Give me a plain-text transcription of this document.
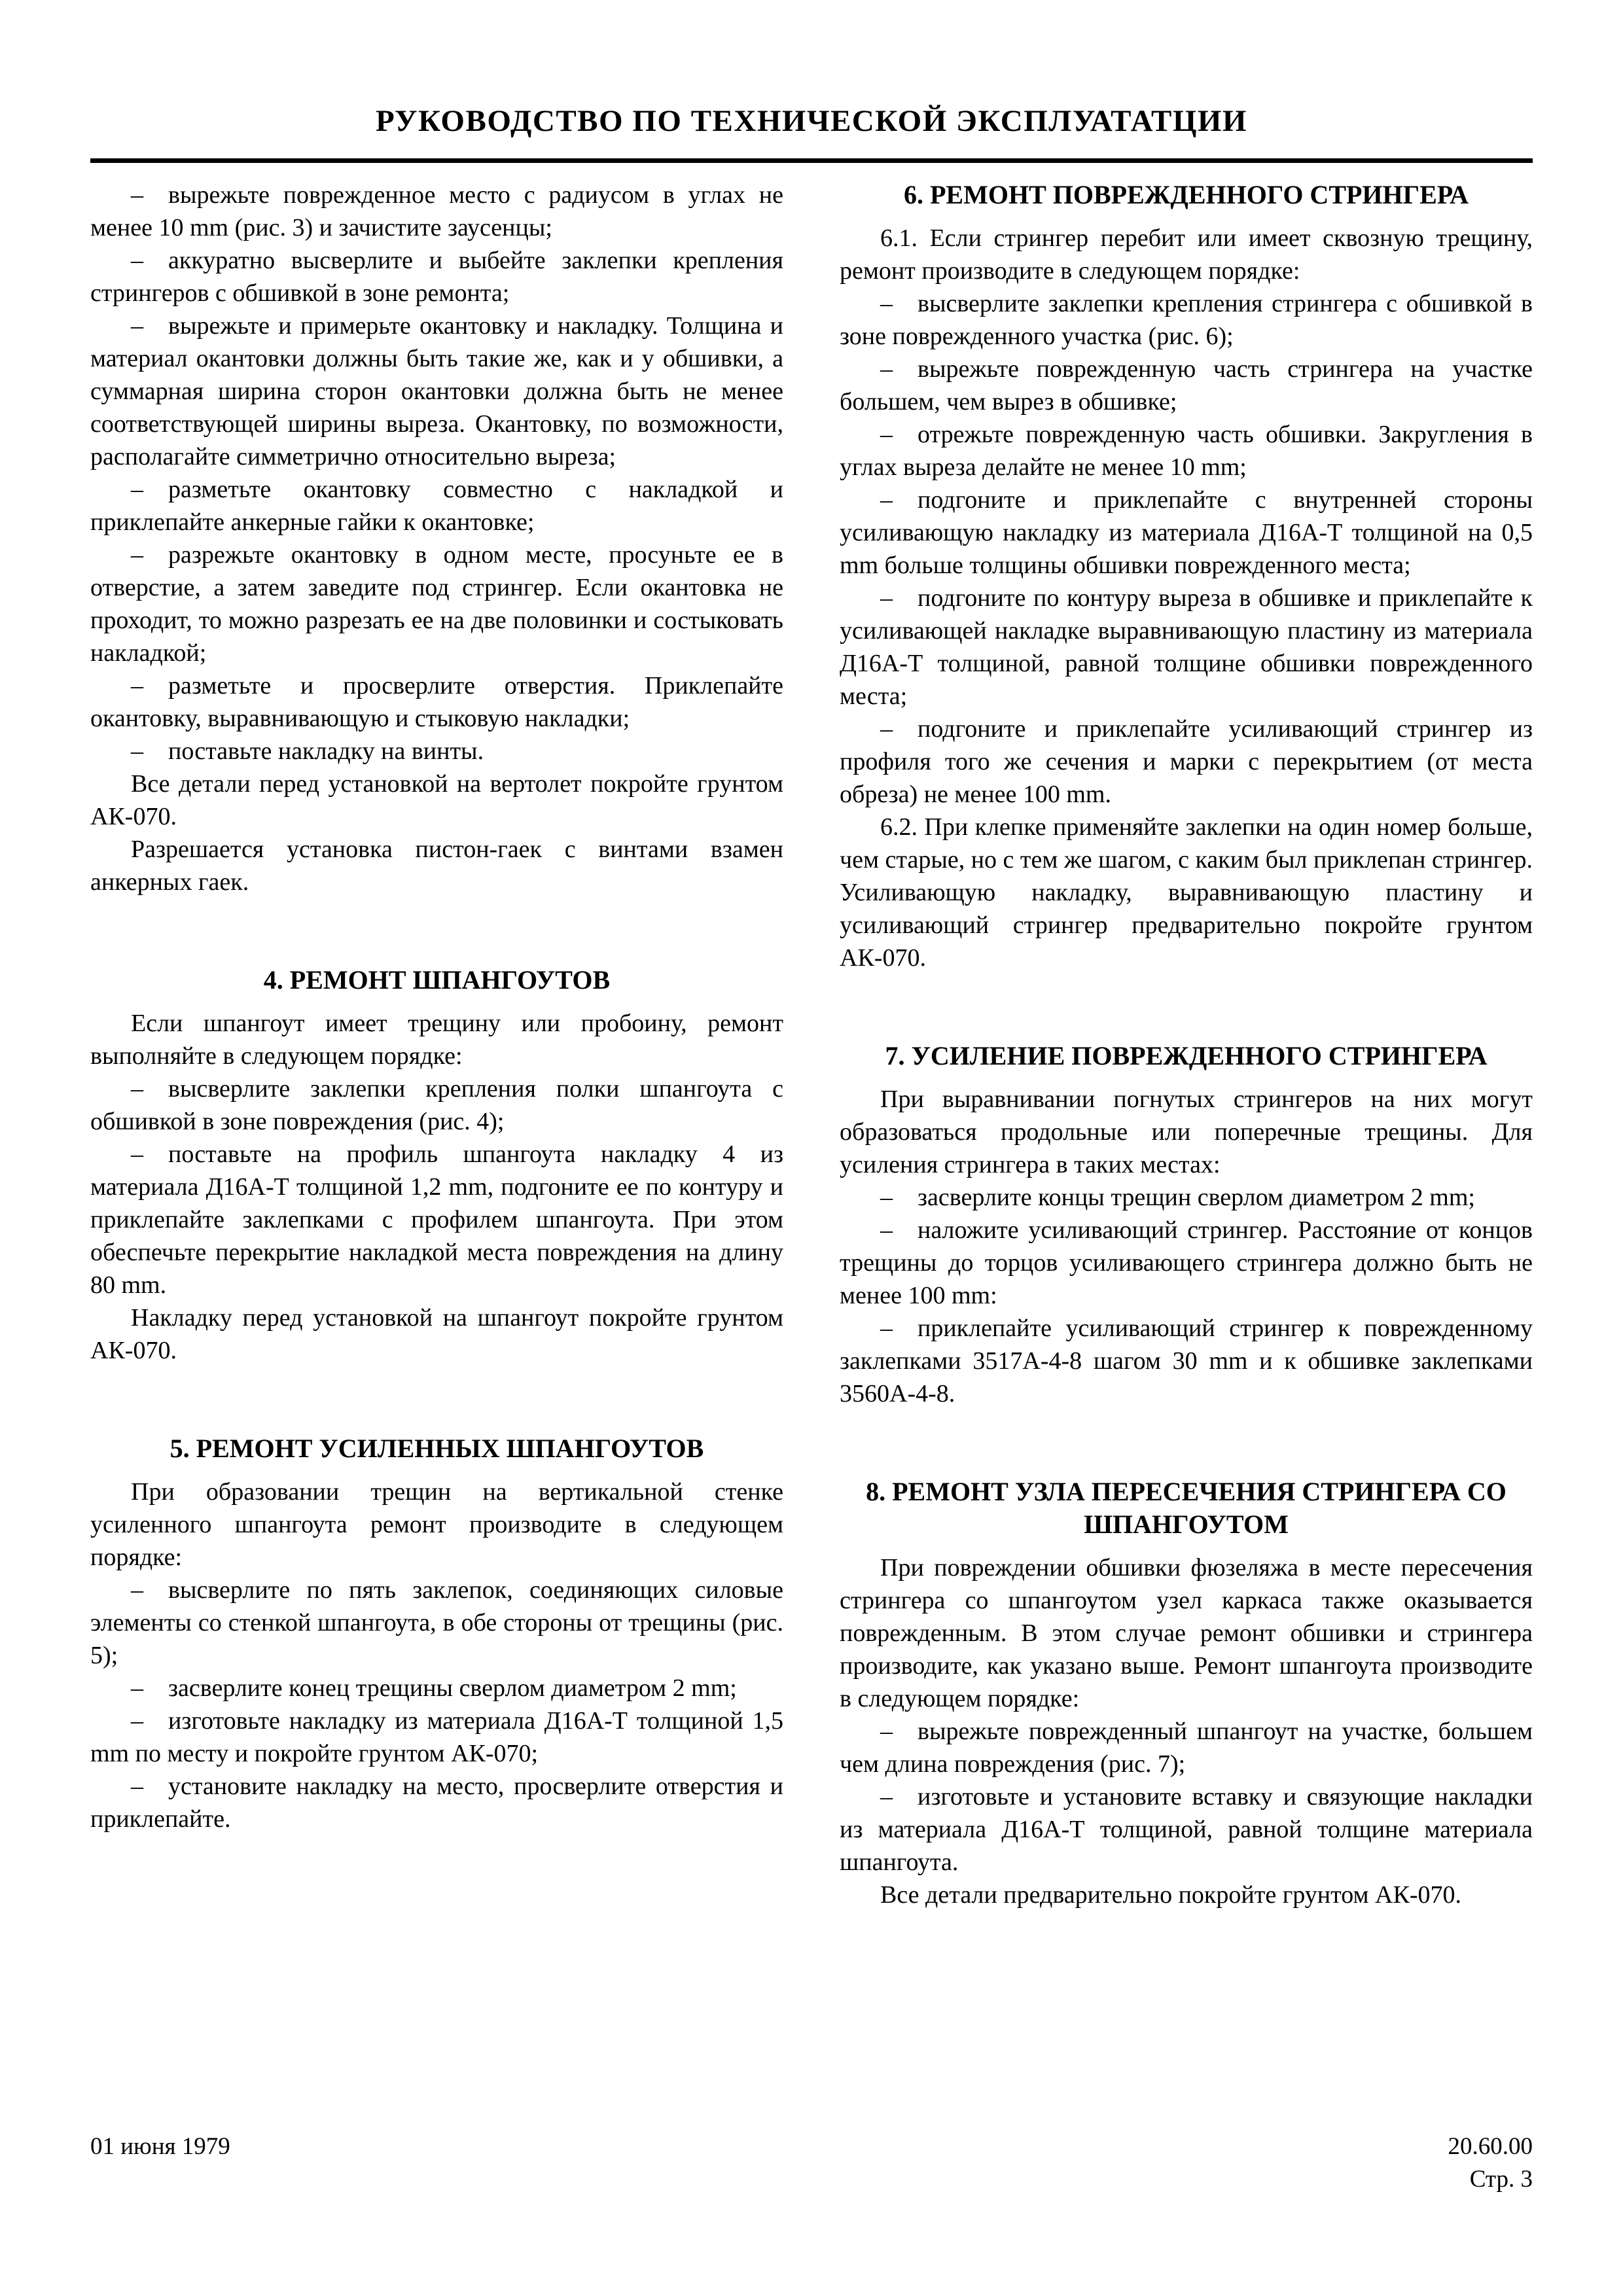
РУКОВОДСТВО ПО ТЕХНИЧЕСКОЙ ЭКСПЛУАТАТЦИИ

– вырежьте поврежденное место с радиусом в углах не менее 10 mm (рис. 3) и зачистите заусенцы;

– аккуратно высверлите и выбейте заклепки крепления стрингеров с обшивкой в зоне ремонта;

– вырежьте и примерьте окантовку и накладку. Толщина и материал окантовки должны быть такие же, как и у обшивки, а суммарная ширина сторон окантовки должна быть не менее соответствующей ширины выреза. Окантовку, по возможности, располагайте симметрично относительно выреза;

– разметьте окантовку совместно с накладкой и приклепайте анкерные гайки к окантовке;

– разрежьте окантовку в одном месте, просуньте ее в отверстие, а затем заведите под стрингер. Если окантовка не проходит, то можно разрезать ее на две половинки и состыковать накладкой;

– разметьте и просверлите отверстия. Приклепайте окантовку, выравнивающую и стыковую накладки;

– поставьте накладку на винты.

Все детали перед установкой на вертолет покройте грунтом АК-070.

Разрешается установка пистон-гаек с винтами взамен анкерных гаек.

4. РЕМОНТ ШПАНГОУТОВ

Если шпангоут имеет трещину или пробоину, ремонт выполняйте в следующем порядке:

– высверлите заклепки крепления полки шпангоута с обшивкой в зоне повреждения (рис. 4);

– поставьте на профиль шпангоута накладку 4 из материала Д16А-Т толщиной 1,2 mm, подгоните ее по контуру и приклепайте заклепками с профилем шпангоута. При этом обеспечьте перекрытие накладкой места повреждения на длину 80 mm.

Накладку перед установкой на шпангоут покройте грунтом АК-070.

5. РЕМОНТ УСИЛЕННЫХ ШПАНГОУТОВ

При образовании трещин на вертикальной стенке усиленного шпангоута ремонт производите в следующем порядке:

– высверлите по пять заклепок, соединяющих силовые элементы со стенкой шпангоута, в обе стороны от трещины (рис. 5);

– засверлите конец трещины сверлом диаметром 2 mm;

– изготовьте накладку из материала Д16А-Т толщиной 1,5 mm по месту и покройте грунтом АК-070;

– установите накладку на место, просверлите отверстия и приклепайте.

6. РЕМОНТ ПОВРЕЖДЕННОГО СТРИНГЕРА

6.1. Если стрингер перебит или имеет сквозную трещину, ремонт производите в следующем порядке:

– высверлите заклепки крепления стрингера с обшивкой в зоне поврежденного участка (рис. 6);

– вырежьте поврежденную часть стрингера на участке большем, чем вырез в обшивке;

– отрежьте поврежденную часть обшивки. Закругления в углах выреза делайте не менее 10 mm;

– подгоните и приклепайте с внутренней стороны усиливающую накладку из материала Д16А-Т толщиной на 0,5 mm больше толщины обшивки поврежденного места;

– подгоните по контуру выреза в обшивке и приклепайте к усиливающей накладке выравнивающую пластину из материала Д16А-Т толщиной, равной толщине обшивки поврежденного места;

– подгоните и приклепайте усиливающий стрингер из профиля того же сечения и марки с перекрытием (от места обреза) не менее 100 mm.

6.2. При клепке применяйте заклепки на один номер больше, чем старые, но с тем же шагом, с каким был приклепан стрингер. Усиливающую накладку, выравнивающую пластину и усиливающий стрингер предварительно покройте грунтом АК-070.

7. УСИЛЕНИЕ ПОВРЕЖДЕННОГО СТРИНГЕРА

При выравнивании погнутых стрингеров на них могут образоваться продольные или поперечные трещины. Для усиления стрингера в таких местах:

– засверлите концы трещин сверлом диаметром 2 mm;

– наложите усиливающий стрингер. Расстояние от концов трещины до торцов усиливающего стрингера должно быть не менее 100 mm:

– приклепайте усиливающий стрингер к поврежденному заклепками 3517А-4-8 шагом 30 mm и к обшивке заклепками 3560А-4-8.

8. РЕМОНТ УЗЛА ПЕРЕСЕЧЕНИЯ СТРИНГЕРА СО ШПАНГОУТОМ

При повреждении обшивки фюзеляжа в месте пересечения стрингера со шпангоутом узел каркаса также оказывается поврежденным. В этом случае ремонт обшивки и стрингера производите, как указано выше. Ремонт шпангоута производите в следующем порядке:

– вырежьте поврежденный шпангоут на участке, большем чем длина повреждения (рис. 7);

– изготовьте и установите вставку и связующие накладки из материала Д16А-Т толщиной, равной толщине материала шпангоута.

Все детали предварительно покройте грунтом АК-070.

01 июня 1979	20.60.00
Стр. 3
